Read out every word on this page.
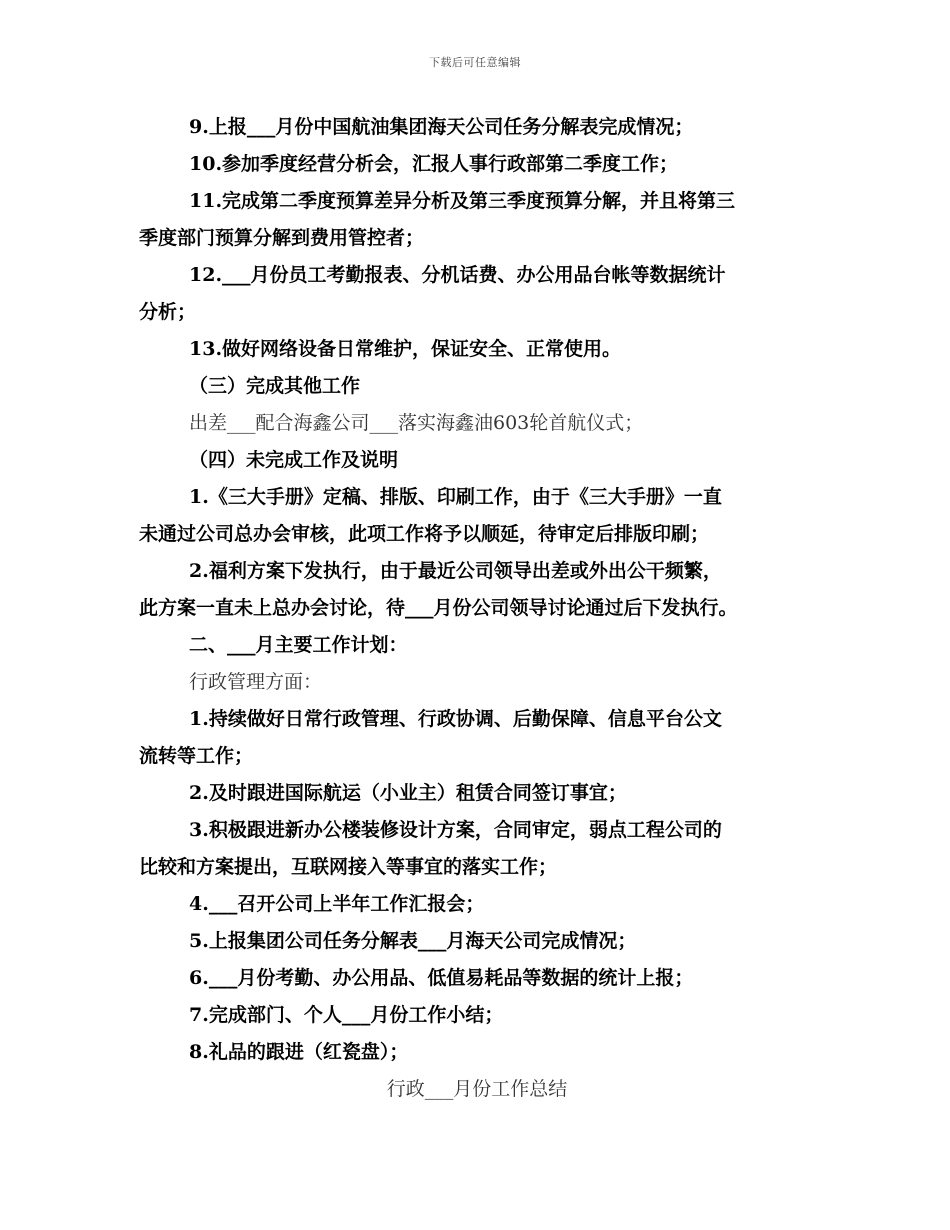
下载后可任意编辑
9.上报___月份中国航油集团海天公司任务分解表完成情况；
10.参加季度经营分析会，汇报人事行政部第二季度工作；
11.完成第二季度预算差异分析及第三季度预算分解，并且将第三
季度部门预算分解到费用管控者；
12.___月份员工考勤报表、分机话费、办公用品台帐等数据统计
分析；
13.做好网络设备日常维护，保证安全、正常使用。
（三）完成其他工作
出差___配合海鑫公司___落实海鑫油603轮首航仪式；
（四）未完成工作及说明
1.《三大手册》定稿、排版、印刷工作，由于《三大手册》一直
未通过公司总办会审核，此项工作将予以顺延，待审定后排版印刷；
2.福利方案下发执行，由于最近公司领导出差或外出公干频繁，
此方案一直未上总办会讨论，待___月份公司领导讨论通过后下发执行。
二、___月主要工作计划：
行政管理方面：
1.持续做好日常行政管理、行政协调、后勤保障、信息平台公文
流转等工作；
2.及时跟进国际航运（小业主）租赁合同签订事宜；
3.积极跟进新办公楼装修设计方案，合同审定，弱点工程公司的
比较和方案提出，互联网接入等事宜的落实工作；
4.___召开公司上半年工作汇报会；
5.上报集团公司任务分解表___月海天公司完成情况；
6.___月份考勤、办公用品、低值易耗品等数据的统计上报；
7.完成部门、个人___月份工作小结；
8.礼品的跟进（红瓷盘）；
行政___月份工作总结
